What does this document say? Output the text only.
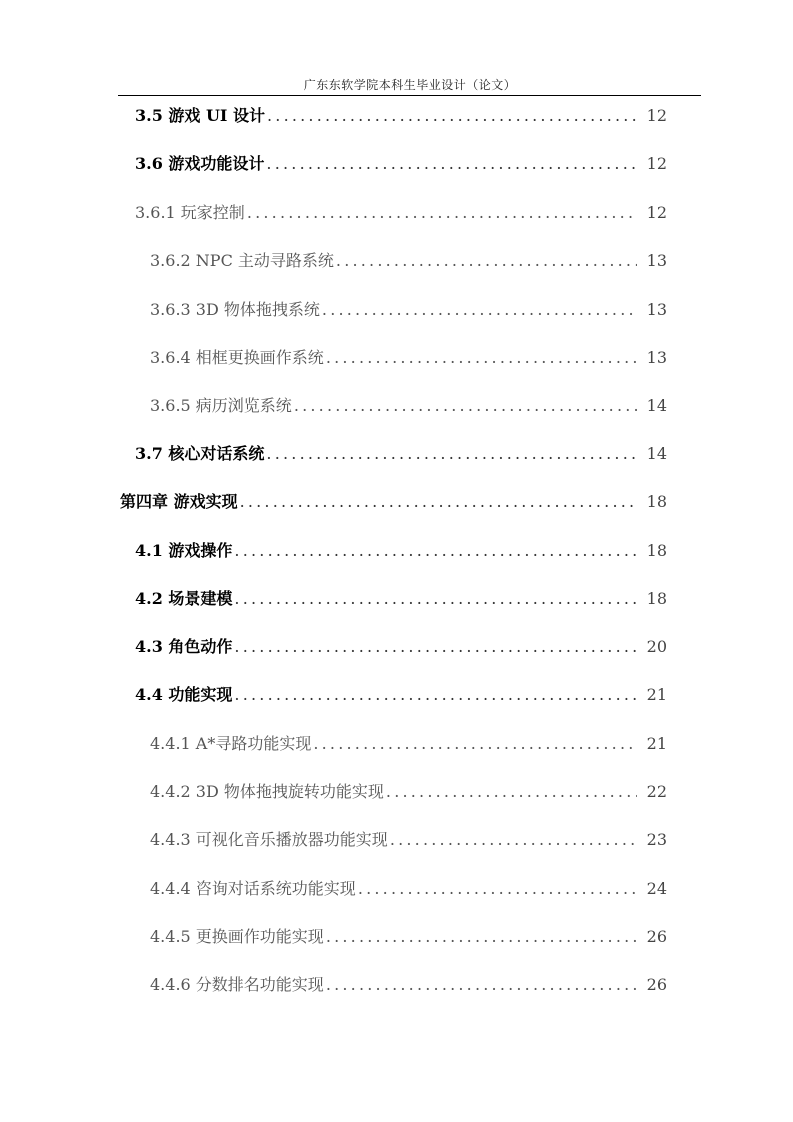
广东东软学院本科生毕业设计（论文）
3.5 游戏 UI 设计 .....	12
3.6 游戏功能设计 .....	12
3.6.1 玩家控制 .....	12
3.6.2 NPC 主动寻路系统 .....	13
3.6.3 3D 物体拖拽系统 .....	13
3.6.4 相框更换画作系统 .....	13
3.6.5 病历浏览系统 .....	14
3.7 核心对话系统 .....	14
第四章 游戏实现 .....	18
4.1 游戏操作 .....	18
4.2 场景建模 .....	18
4.3 角色动作 .....	20
4.4 功能实现 .....	21
4.4.1 A*寻路功能实现 .....	21
4.4.2 3D 物体拖拽旋转功能实现 .....	22
4.4.3 可视化音乐播放器功能实现 .....	23
4.4.4 咨询对话系统功能实现 .....	24
4.4.5 更换画作功能实现 .....	26
4.4.6 分数排名功能实现 .....	26
